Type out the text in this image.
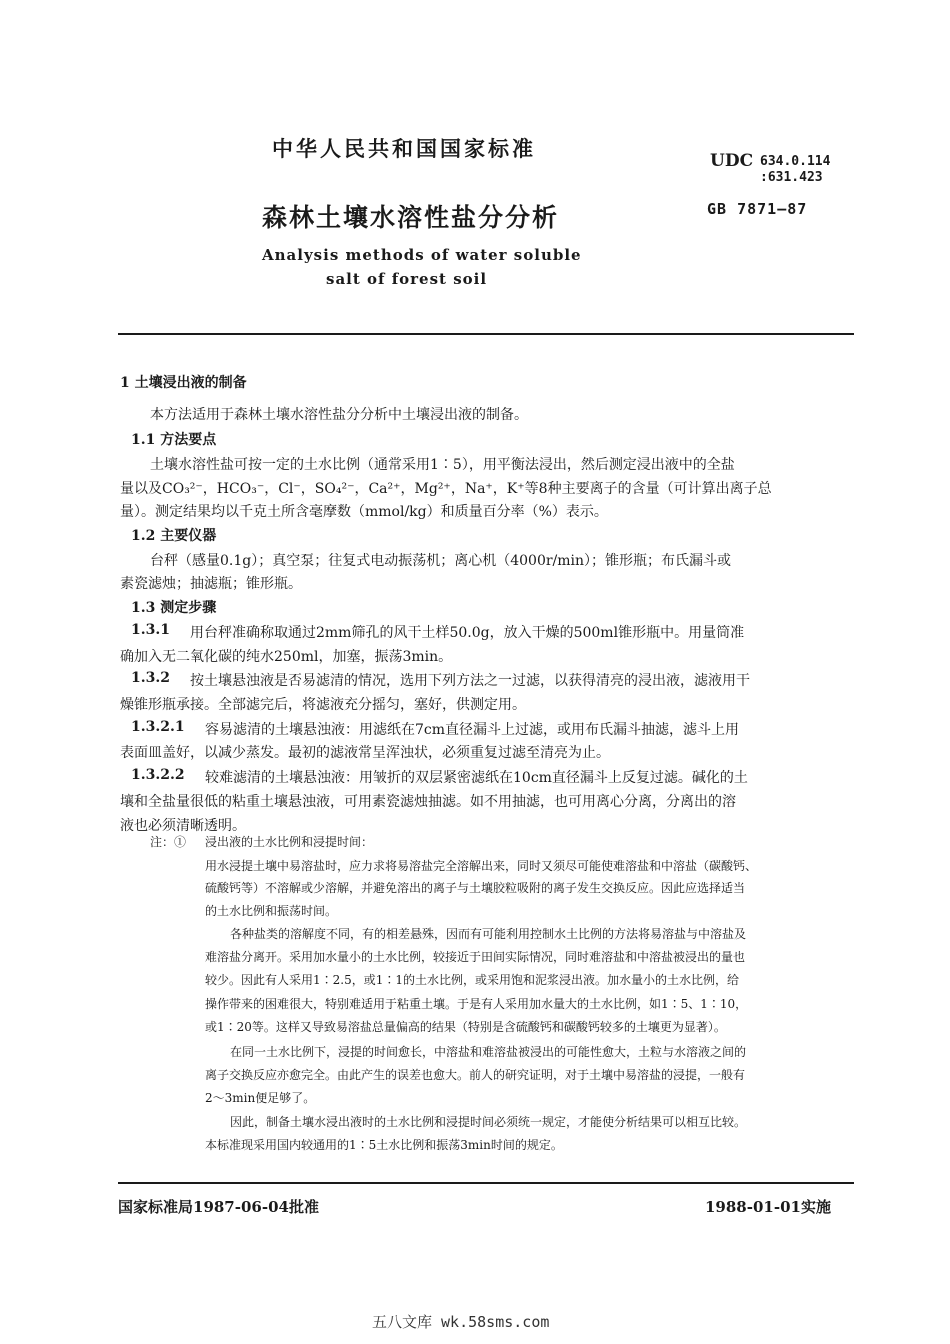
中华人民共和国国家标准	UDC 634.0.114
:631.423
森林土壤水溶性盐分分析	GB 7871—87
Analysis methods of water soluble
salt of forest soil
1 土壤浸出液的制备
本方法适用于森林土壤水溶性盐分分析中土壤浸出液的制备。
1.1 方法要点
土壤水溶性盐可按一定的土水比例（通常采用1∶5），用平衡法浸出，然后测定浸出液中的全盐
量以及CO₃²⁻，HCO₃⁻，Cl⁻，SO₄²⁻，Ca²⁺，Mg²⁺，Na⁺，K⁺等8种主要离子的含量（可计算出离子总
量）。测定结果均以千克土所含毫摩数（mmol/kg）和质量百分率（%）表示。
1.2 主要仪器
台秤（感量0.1g）；真空泵；往复式电动振荡机；离心机（4000r/min）；锥形瓶；布氏漏斗或
素瓷滤烛；抽滤瓶；锥形瓶。
1.3 测定步骤
1.3.1 用台秤准确称取通过2mm筛孔的风干土样50.0g，放入干燥的500ml锥形瓶中。用量筒准
确加入无二氧化碳的纯水250ml，加塞，振荡3min。
1.3.2 按土壤悬浊液是否易滤清的情况，选用下列方法之一过滤，以获得清亮的浸出液，滤液用干
燥锥形瓶承接。全部滤完后，将滤液充分摇匀，塞好，供测定用。
1.3.2.1 容易滤清的土壤悬浊液：用滤纸在7cm直径漏斗上过滤，或用布氏漏斗抽滤，滤斗上用
表面皿盖好，以减少蒸发。最初的滤液常呈浑浊状，必须重复过滤至清亮为止。
1.3.2.2 较难滤清的土壤悬浊液：用皱折的双层紧密滤纸在10cm直径漏斗上反复过滤。碱化的土
壤和全盐量很低的粘重土壤悬浊液，可用素瓷滤烛抽滤。如不用抽滤，也可用离心分离，分离出的溶
液也必须清晰透明。
注：① 浸出液的土水比例和浸提时间：
用水浸提土壤中易溶盐时，应力求将易溶盐完全溶解出来，同时又须尽可能使难溶盐和中溶盐（碳酸钙、
硫酸钙等）不溶解或少溶解，并避免溶出的离子与土壤胶粒吸附的离子发生交换反应。因此应选择适当
的土水比例和振荡时间。
各种盐类的溶解度不同，有的相差悬殊，因而有可能利用控制水土比例的方法将易溶盐与中溶盐及
难溶盐分离开。采用加水量小的土水比例，较接近于田间实际情况，同时难溶盐和中溶盐被浸出的量也
较少。因此有人采用1∶2.5，或1∶1的土水比例，或采用饱和泥浆浸出液。加水量小的土水比例，给
操作带来的困难很大，特别难适用于粘重土壤。于是有人采用加水量大的土水比例，如1∶5、1∶10，
或1∶20等。这样又导致易溶盐总量偏高的结果（特别是含硫酸钙和碳酸钙较多的土壤更为显著）。
在同一土水比例下，浸提的时间愈长，中溶盐和难溶盐被浸出的可能性愈大，土粒与水溶液之间的
离子交换反应亦愈完全。由此产生的误差也愈大。前人的研究证明，对于土壤中易溶盐的浸提，一般有
2～3min便足够了。
因此，制备土壤水浸出液时的土水比例和浸提时间必须统一规定，才能使分析结果可以相互比较。
本标准现采用国内较通用的1∶5土水比例和振荡3min时间的规定。
国家标准局1987-06-04批准	1988-01-01实施
五八文库 wk.58sms.com
